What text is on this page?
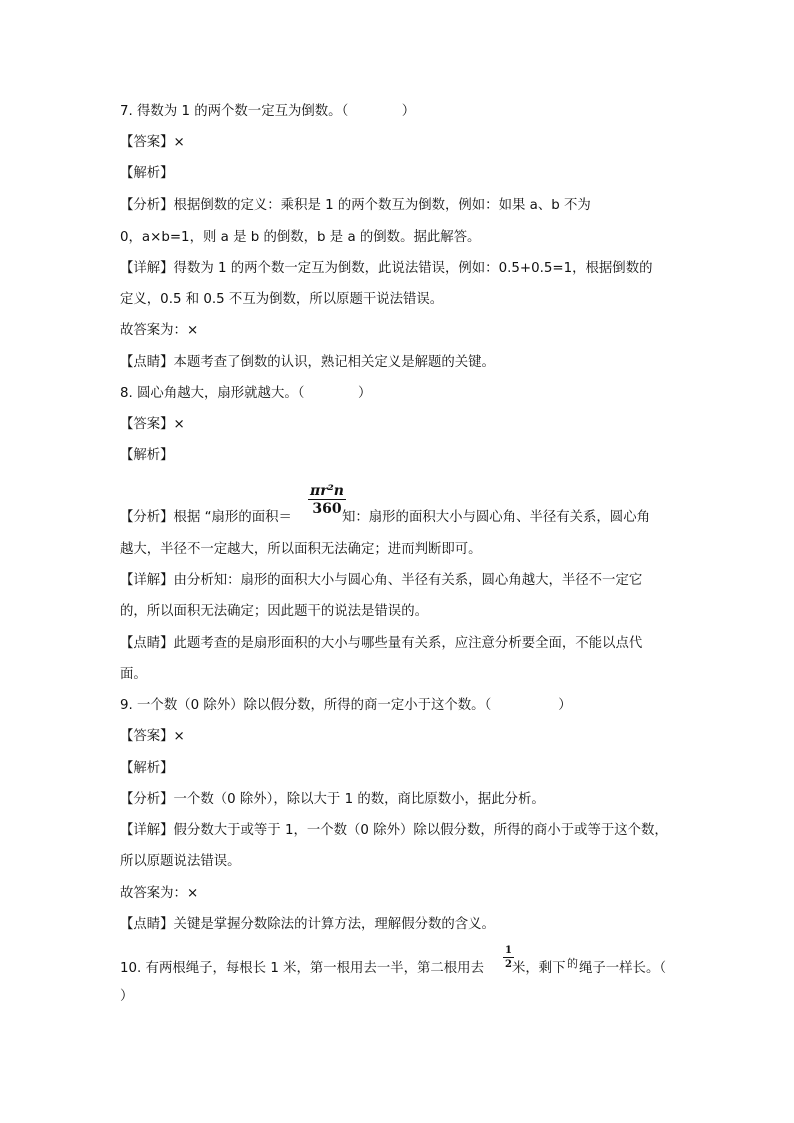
7. 得数为 1 的两个数一定互为倒数。（　　　　）
【答案】×
【解析】
【分析】根据倒数的定义：乘积是 1 的两个数互为倒数，例如：如果 a、b 不为
0，a×b=1，则 a 是 b 的倒数，b 是 a 的倒数。据此解答。
【详解】得数为 1 的两个数一定互为倒数，此说法错误，例如：0.5+0.5=1，根据倒数的
定义，0.5 和 0.5 不互为倒数，所以原题干说法错误。
故答案为：×
【点睛】本题考查了倒数的认识，熟记相关定义是解题的关键。
8. 圆心角越大，扇形就越大。（　　　　）
【答案】×
【解析】
【分析】根据 “扇形的面积＝
$\frac{\text{πr²n}}{360}$
知：扇形的面积大小与圆心角、半径有关系，圆心角
越大，半径不一定越大，所以面积无法确定；进而判断即可。
【详解】由分析知：扇形的面积大小与圆心角、半径有关系，圆心角越大，半径不一定它
的，所以面积无法确定；因此题干的说法是错误的。
【点睛】此题考查的是扇形面积的大小与哪些量有关系，应注意分析要全面，不能以点代
面。
9. 一个数（0 除外）除以假分数，所得的商一定小于这个数。（　　　　　）
【答案】×
【解析】
【分析】一个数（0 除外），除以大于 1 的数，商比原数小，据此分析。
【详解】假分数大于或等于 1，一个数（0 除外）除以假分数，所得的商小于或等于这个数，
所以原题说法错误。
故答案为：×
【点睛】关键是掌握分数除法的计算方法，理解假分数的含义。
10. 有两根绳子，每根长 1 米，第一根用去一半，第二根用去 $\frac{1}{2}$
米，剩下 的 绳子一样长。（
）
